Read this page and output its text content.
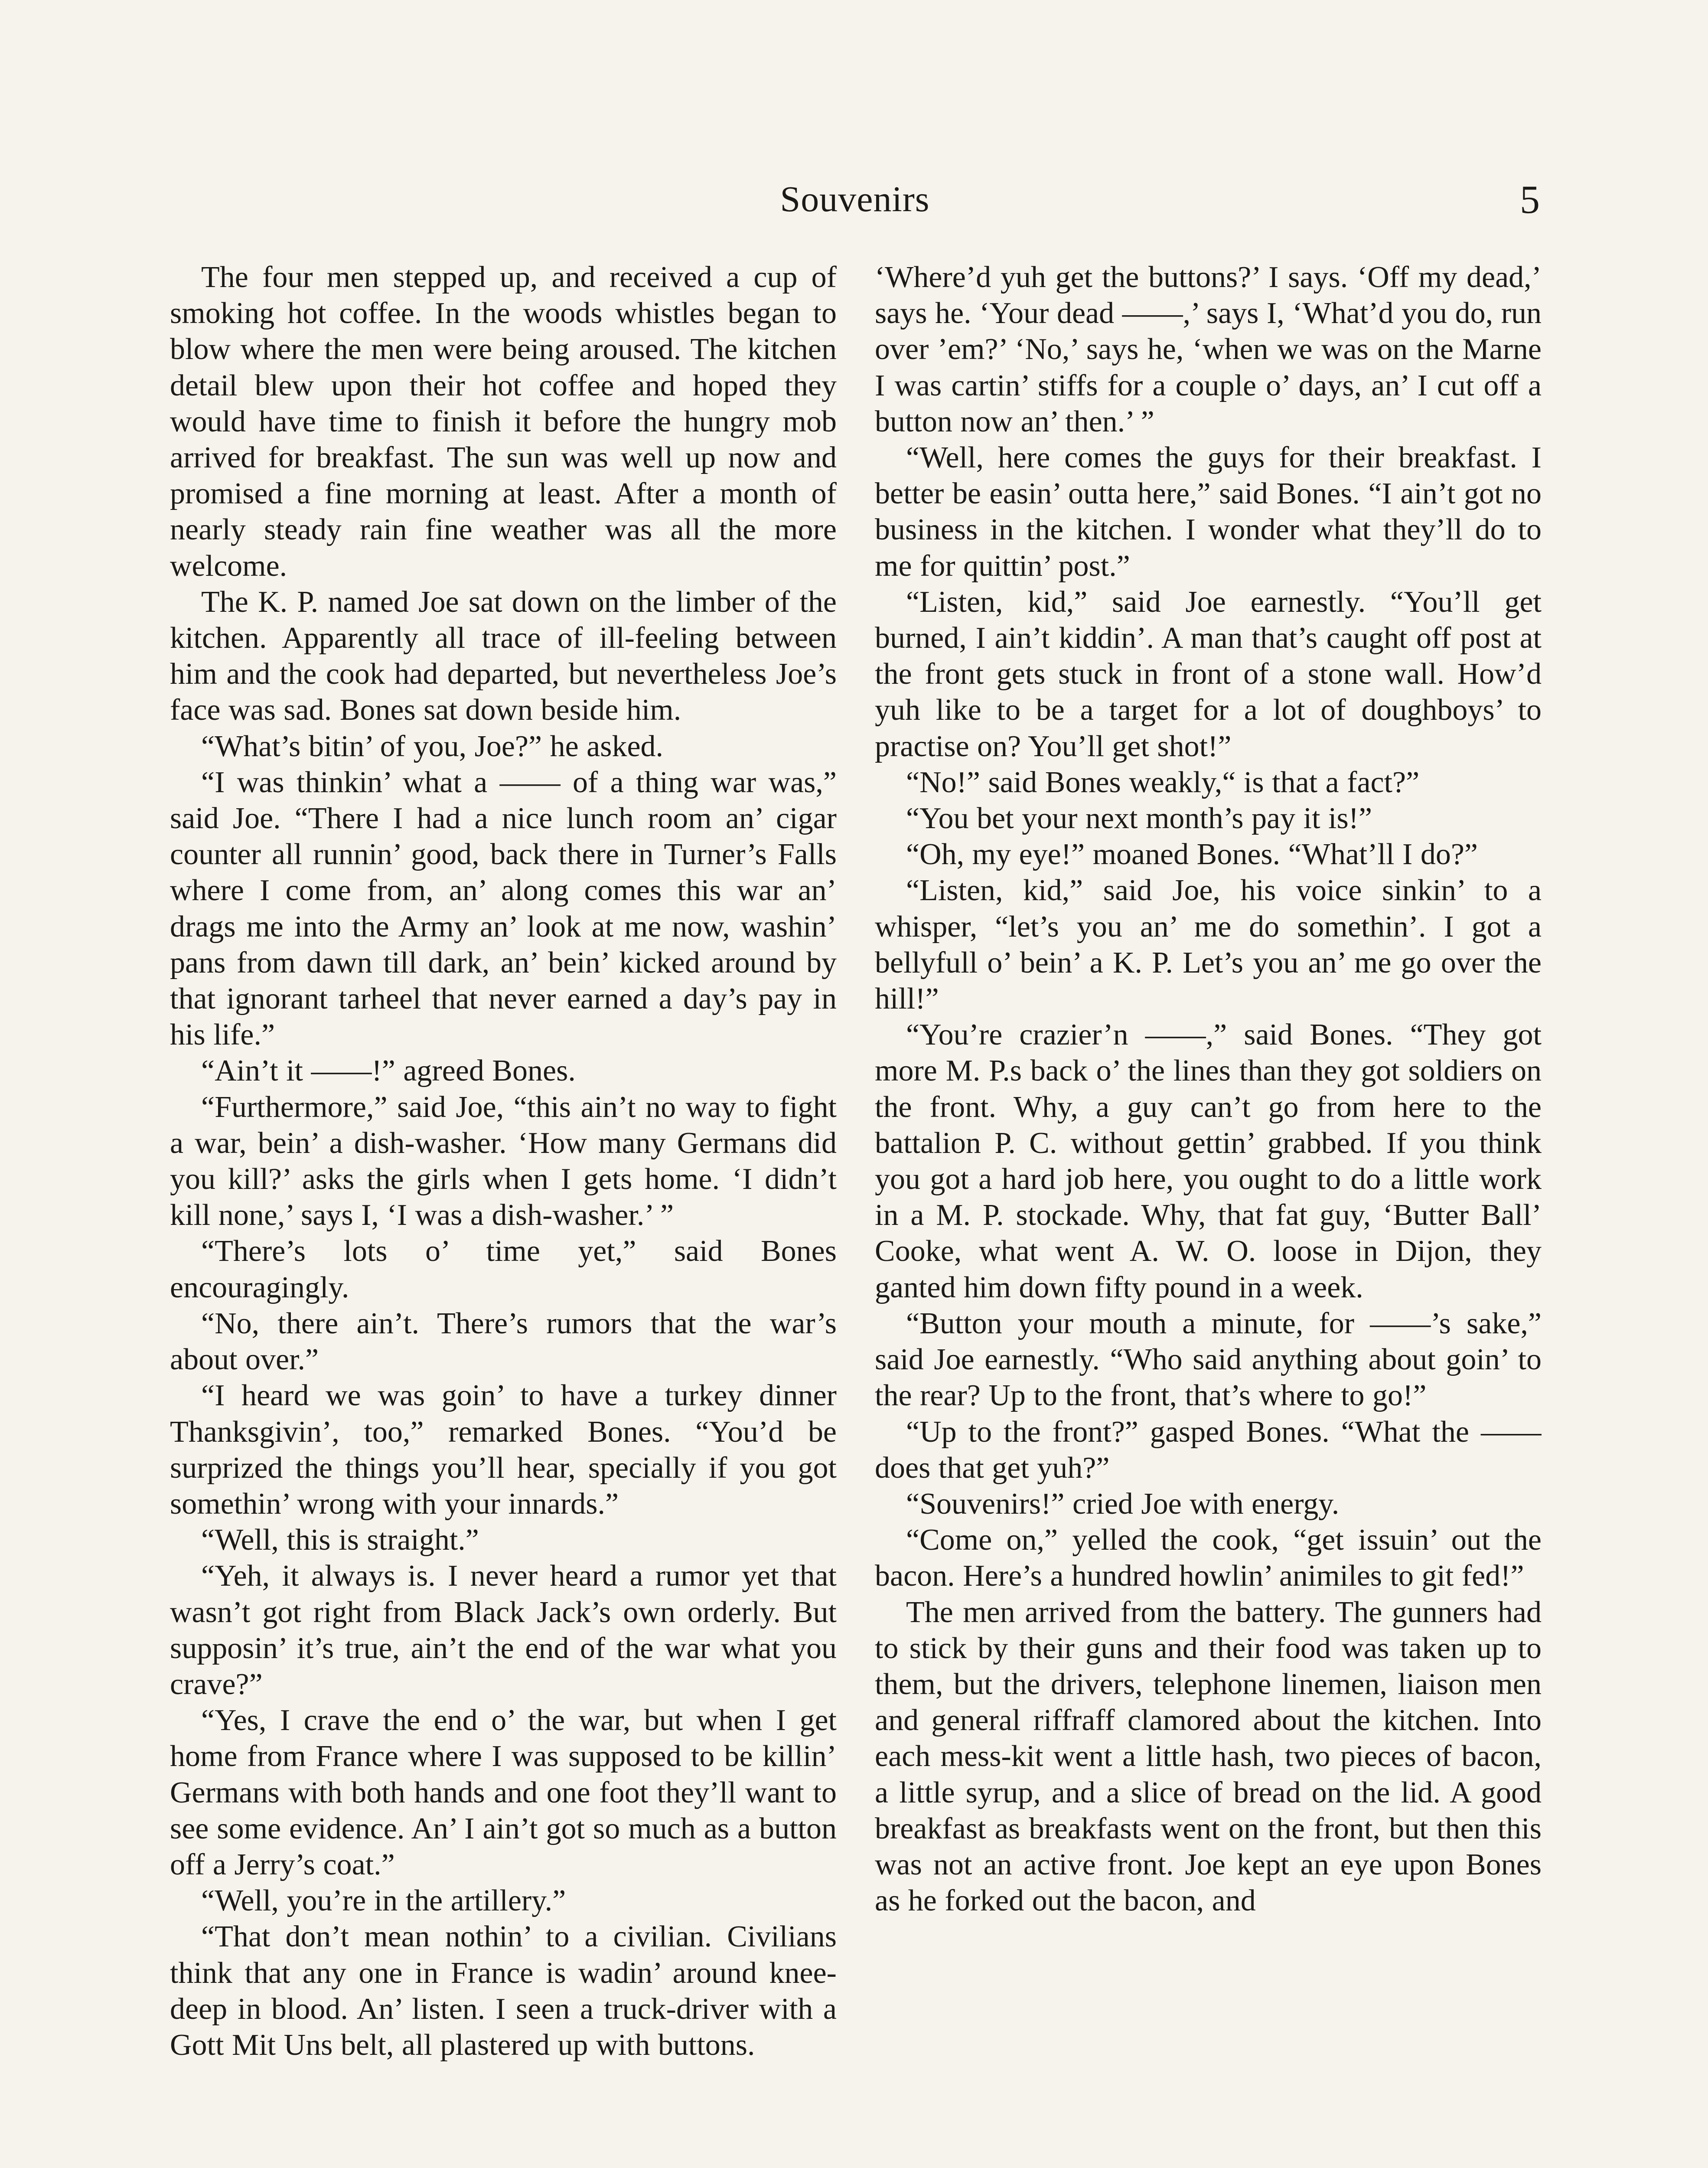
Souvenirs	5

The four men stepped up, and received a cup of smoking hot coffee. In the woods whistles began to blow where the men were being aroused. The kitchen detail blew upon their hot coffee and hoped they would have time to finish it before the hungry mob arrived for breakfast. The sun was well up now and promised a fine morning at least. After a month of nearly steady rain fine weather was all the more welcome.

The K. P. named Joe sat down on the limber of the kitchen. Apparently all trace of ill-feeling between him and the cook had departed, but nevertheless Joe’s face was sad. Bones sat down beside him.

“What’s bitin’ of you, Joe?” he asked.

“I was thinkin’ what a —— of a thing war was,” said Joe. “There I had a nice lunch room an’ cigar counter all runnin’ good, back there in Turner’s Falls where I come from, an’ along comes this war an’ drags me into the Army an’ look at me now, washin’ pans from dawn till dark, an’ bein’ kicked around by that ignorant tarheel that never earned a day’s pay in his life.”

“Ain’t it ——!” agreed Bones.

“Furthermore,” said Joe, “this ain’t no way to fight a war, bein’ a dish-washer. ‘How many Germans did you kill?’ asks the girls when I gets home. ‘I didn’t kill none,’ says I, ‘I was a dish-washer.’ ”

“There’s lots o’ time yet,” said Bones encouragingly.

“No, there ain’t. There’s rumors that the war’s about over.”

“I heard we was goin’ to have a turkey dinner Thanksgivin’, too,” remarked Bones. “You’d be surprized the things you’ll hear, specially if you got somethin’ wrong with your innards.”

“Well, this is straight.”

“Yeh, it always is. I never heard a rumor yet that wasn’t got right from Black Jack’s own orderly. But supposin’ it’s true, ain’t the end of the war what you crave?”

“Yes, I crave the end o’ the war, but when I get home from France where I was supposed to be killin’ Germans with both hands and one foot they’ll want to see some evidence. An’ I ain’t got so much as a button off a Jerry’s coat.”

“Well, you’re in the artillery.”

“That don’t mean nothin’ to a civilian. Civilians think that any one in France is wadin’ around knee-deep in blood. An’ listen. I seen a truck-driver with a Gott Mit Uns belt, all plastered up with buttons.

‘Where’d yuh get the buttons?’ I says. ‘Off my dead,’ says he. ‘Your dead ——,’ says I, ‘What’d you do, run over ’em?’ ‘No,’ says he, ‘when we was on the Marne I was cartin’ stiffs for a couple o’ days, an’ I cut off a button now an’ then.’ ”

“Well, here comes the guys for their breakfast. I better be easin’ outta here,” said Bones. “I ain’t got no business in the kitchen. I wonder what they’ll do to me for quittin’ post.”

“Listen, kid,” said Joe earnestly. “You’ll get burned, I ain’t kiddin’. A man that’s caught off post at the front gets stuck in front of a stone wall. How’d yuh like to be a target for a lot of doughboys’ to practise on? You’ll get shot!”

“No!” said Bones weakly,“ is that a fact?”

“You bet your next month’s pay it is!”

“Oh, my eye!” moaned Bones. “What’ll I do?”

“Listen, kid,” said Joe, his voice sinkin’ to a whisper, “let’s you an’ me do somethin’. I got a bellyfull o’ bein’ a K. P. Let’s you an’ me go over the hill!”

“You’re crazier’n ——,” said Bones. “They got more M. P.s back o’ the lines than they got soldiers on the front. Why, a guy can’t go from here to the battalion P. C. without gettin’ grabbed. If you think you got a hard job here, you ought to do a little work in a M. P. stockade. Why, that fat guy, ‘Butter Ball’ Cooke, what went A. W. O. loose in Dijon, they ganted him down fifty pound in a week.

“Button your mouth a minute, for ——’s sake,” said Joe earnestly. “Who said anything about goin’ to the rear? Up to the front, that’s where to go!”

“Up to the front?” gasped Bones. “What the —— does that get yuh?”

“Souvenirs!” cried Joe with energy.

“Come on,” yelled the cook, “get issuin’ out the bacon. Here’s a hundred howlin’ animiles to git fed!”

The men arrived from the battery. The gunners had to stick by their guns and their food was taken up to them, but the drivers, telephone linemen, liaison men and general riffraff clamored about the kitchen. Into each mess-kit went a little hash, two pieces of bacon, a little syrup, and a slice of bread on the lid. A good breakfast as breakfasts went on the front, but then this was not an active front. Joe kept an eye upon Bones as he forked out the bacon, and
